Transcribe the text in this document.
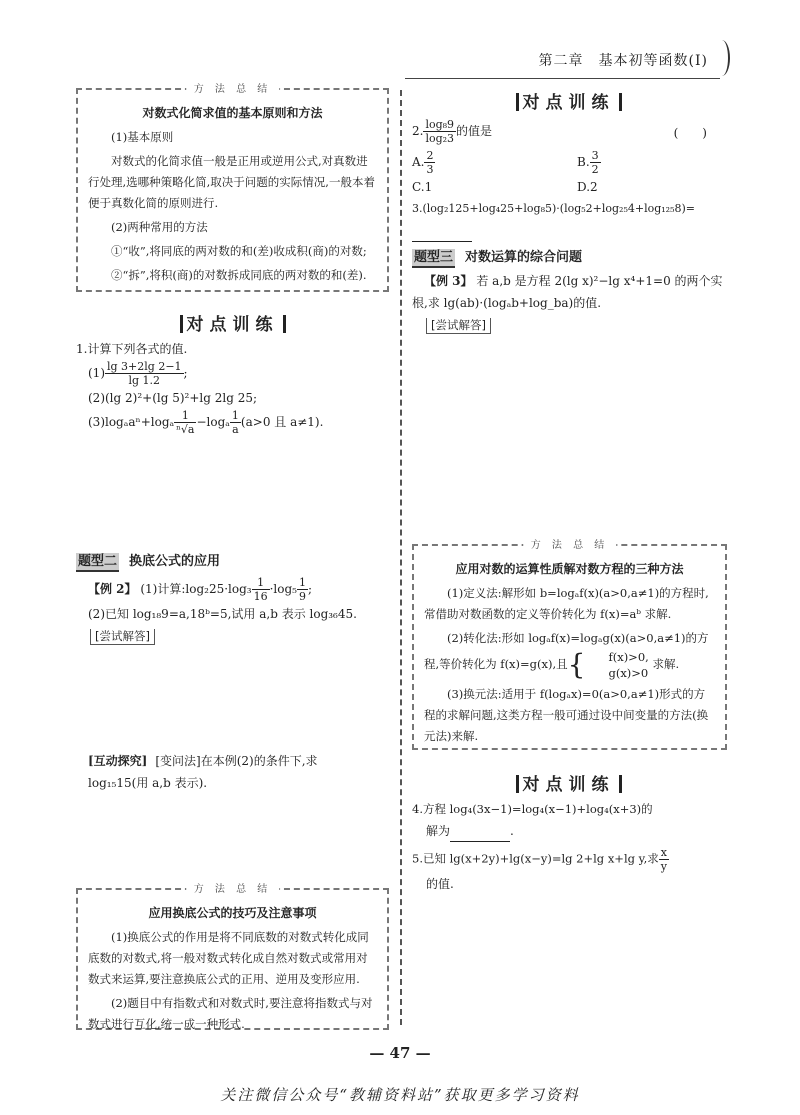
第二章　基本初等函数(Ⅰ)
方 法 总 结
对数式化简求值的基本原则和方法

(1)基本原则

对数式的化简求值一般是正用或逆用公式,对真数进行处理,选哪种策略化简,取决于问题的实际情况,一般本着便于真数化简的原则进行.

(2)两种常用的方法

①“收”,将同底的两对数的和(差)收成积(商)的对数;

②“拆”,将积(商)的对数拆成同底的两对数的和(差).

对点训练
1.计算下列各式的值.
$(1) \frac{\lg 3+2\lg 2-1}{\lg 1.2}$ ;
(2)(lg 2)²+(lg 5)²+lg 2lg 25;
$(3)\log_aa^n+\log_a \frac{1}{\text{ⁿ√a}} -\log_a \frac{1}{a} (a>0$ 且 a≠1).
题型二 换底公式的应用
【例 2】 (1)计算:log₂25·log₃ $\frac{1}{16} \cdot\log_5 \frac{1}{9}$ ;
(2)已知 log₁₈9=a,18ᵇ=5,试用 a,b 表示 log₃₆45.
[尝试解答]
[互动探究] [变问法]在本例(2)的条件下,求
log₁₅15(用 a,b 表示).
方 法 总 结
应用换底公式的技巧及注意事项

(1)换底公式的作用是将不同底数的对数式转化成同底数的对数式,将一般对数式转化成自然对数式或常用对数式来运算,要注意换底公式的正用、逆用及变形应用.

(2)题目中有指数式和对数式时,要注意将指数式与对数式进行互化,统一成一种形式.

对点训练
2. $\frac{\text{log₈9}}{\text{log₂3}}$ 的值是	(　　)
A. $\frac{2}{3}$	B. $\frac{3}{2}$
C.1	D.2
3.(log₂125+log₄25+log₈5)·(log₅2+log₂₅4+log₁₂₅8)=
题型三 对数运算的综合问题
【例 3】 若 a,b 是方程 2(lg x)²−lg x⁴+1=0 的两个实根,求 lg(ab)·(logₐb+log_ba)的值.
[尝试解答]
方 法 总 结
应用对数的运算性质解对数方程的三种方法

(1)定义法:解形如 b=logₐf(x)(a>0,a≠1)的方程时,常借助对数函数的定义等价转化为 f(x)=aᵇ 求解.

(2)转化法:形如 logₐf(x)=logₐg(x)(a>0,a≠1)的方程,等价转化为 f(x)=g(x),且{	f(x)>0,
g(x)>0
求解.

(3)换元法:适用于 f(logₐx)=0(a>0,a≠1)形式的方程的求解问题,这类方程一般可通过设中间变量的方法(换元法)来解.

对点训练
4.方程 log₄(3x−1)=log₄(x−1)+log₄(x+3)的
解为	.
5.已知 lg(x+2y)+lg(x−y)=lg 2+lg x+lg y,求 $\frac{x}{y}$
的值.
— 47 —
关注微信公众号“教辅资料站”获取更多学习资料
